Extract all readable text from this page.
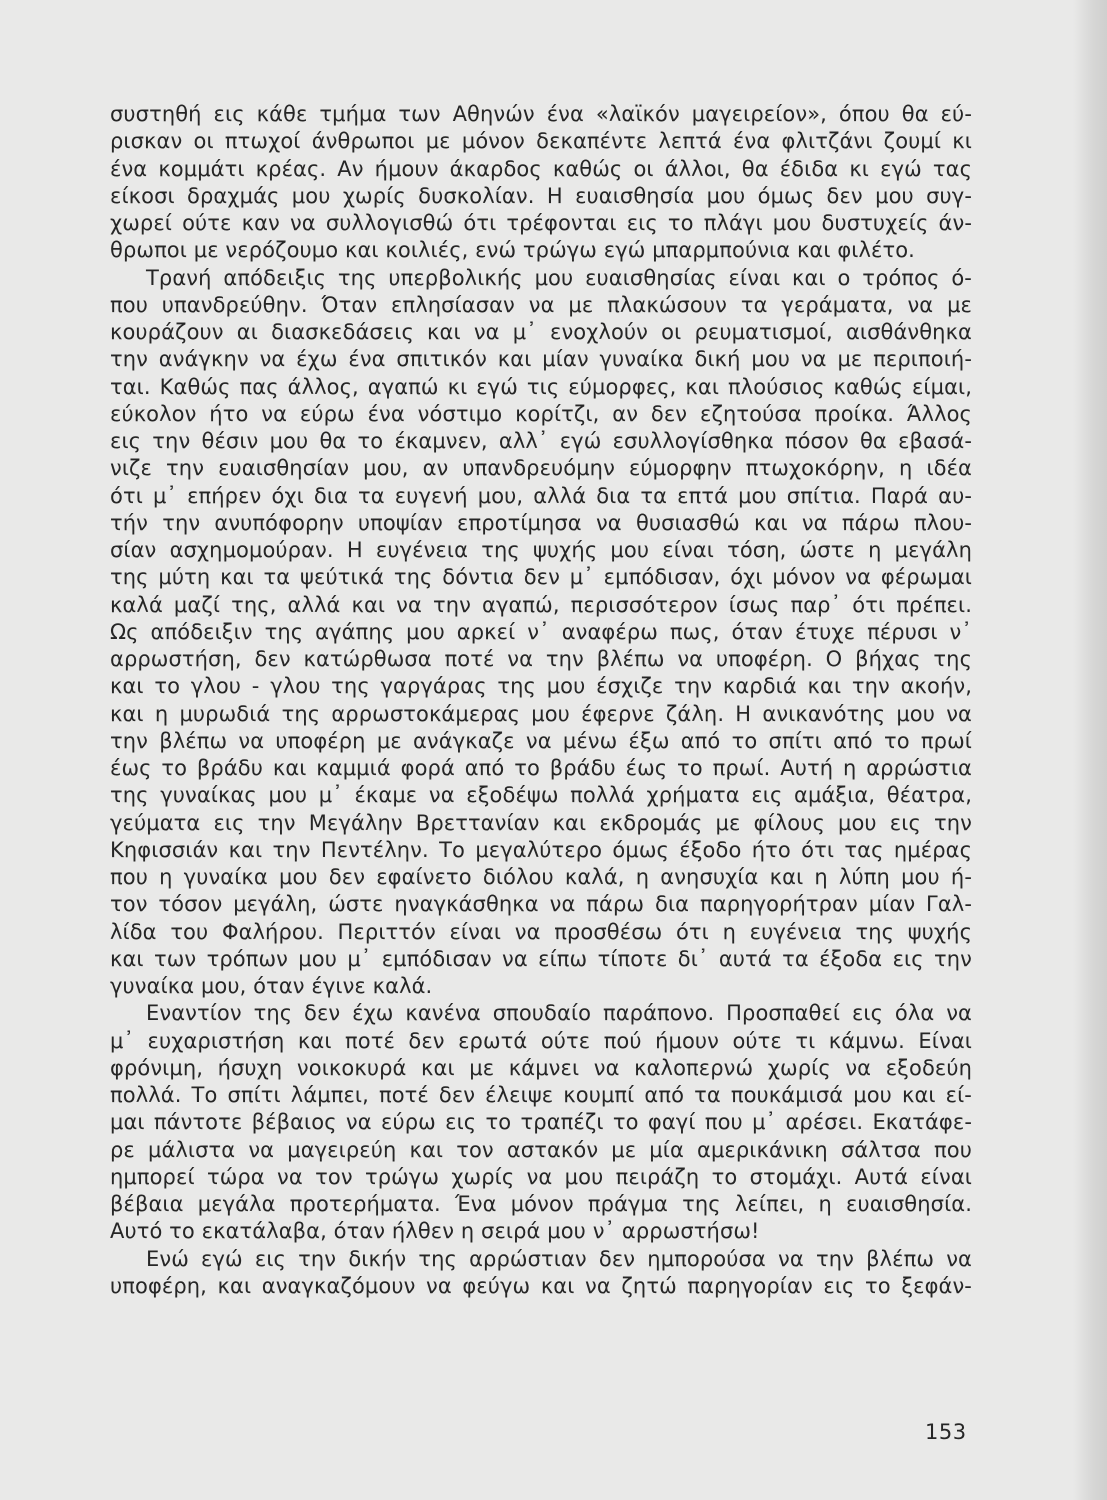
συστηθή εις κάθε τμήμα των Αθηνών ένα «λαϊκόν μαγειρείον», όπου θα εύ-
ρισκαν οι πτωχοί άνθρωποι με μόνον δεκαπέντε λεπτά ένα φλιτζάνι ζουμί κι
ένα κομμάτι κρέας. Αν ήμουν άκαρδος καθώς οι άλλοι, θα έδιδα κι εγώ τας
είκοσι δραχμάς μου χωρίς δυσκολίαν. Η ευαισθησία μου όμως δεν μου συγ-
χωρεί ούτε καν να συλλογισθώ ότι τρέφονται εις το πλάγι μου δυστυχείς άν-
θρωποι με νερόζουμο και κοιλιές, ενώ τρώγω εγώ μπαρμπούνια και φιλέτο.
Τρανή απόδειξις της υπερβολικής μου ευαισθησίας είναι και ο τρόπος ό-
που υπανδρεύθην. Όταν επλησίασαν να με πλακώσουν τα γεράματα, να με
κουράζουν αι διασκεδάσεις και να μ᾽ ενοχλούν οι ρευματισμοί, αισθάνθηκα
την ανάγκην να έχω ένα σπιτικόν και μίαν γυναίκα δική μου να με περιποιή-
ται. Καθώς πας άλλος, αγαπώ κι εγώ τις εύμορφες, και πλούσιος καθώς είμαι,
εύκολον ήτο να εύρω ένα νόστιμο κορίτζι, αν δεν εζητούσα προίκα. Άλλος
εις την θέσιν μου θα το έκαμνεν, αλλ᾽ εγώ εσυλλογίσθηκα πόσον θα εβασά-
νιζε την ευαισθησίαν μου, αν υπανδρευόμην εύμορφην πτωχοκόρην, η ιδέα
ότι μ᾽ επήρεν όχι δια τα ευγενή μου, αλλά δια τα επτά μου σπίτια. Παρά αυ-
τήν την ανυπόφορην υποψίαν επροτίμησα να θυσιασθώ και να πάρω πλου-
σίαν ασχημομούραν. Η ευγένεια της ψυχής μου είναι τόση, ώστε η μεγάλη
της μύτη και τα ψεύτικά της δόντια δεν μ᾽ εμπόδισαν, όχι μόνον να φέρωμαι
καλά μαζί της, αλλά και να την αγαπώ, περισσότερον ίσως παρ᾽ ότι πρέπει.
Ως απόδειξιν της αγάπης μου αρκεί ν᾽ αναφέρω πως, όταν έτυχε πέρυσι ν᾽
αρρωστήση, δεν κατώρθωσα ποτέ να την βλέπω να υποφέρη. Ο βήχας της
και το γλου - γλου της γαργάρας της μου έσχιζε την καρδιά και την ακοήν,
και η μυρωδιά της αρρωστοκάμερας μου έφερνε ζάλη. Η ανικανότης μου να
την βλέπω να υποφέρη με ανάγκαζε να μένω έξω από το σπίτι από το πρωί
έως το βράδυ και καμμιά φορά από το βράδυ έως το πρωί. Αυτή η αρρώστια
της γυναίκας μου μ᾽ έκαμε να εξοδέψω πολλά χρήματα εις αμάξια, θέατρα,
γεύματα εις την Μεγάλην Βρεττανίαν και εκδρομάς με φίλους μου εις την
Κηφισσιάν και την Πεντέλην. Το μεγαλύτερο όμως έξοδο ήτο ότι τας ημέρας
που η γυναίκα μου δεν εφαίνετο διόλου καλά, η ανησυχία και η λύπη μου ή-
τον τόσον μεγάλη, ώστε ηναγκάσθηκα να πάρω δια παρηγορήτραν μίαν Γαλ-
λίδα του Φαλήρου. Περιττόν είναι να προσθέσω ότι η ευγένεια της ψυχής
και των τρόπων μου μ᾽ εμπόδισαν να είπω τίποτε δι᾽ αυτά τα έξοδα εις την
γυναίκα μου, όταν έγινε καλά.
Εναντίον της δεν έχω κανένα σπουδαίο παράπονο. Προσπαθεί εις όλα να
μ᾽ ευχαριστήση και ποτέ δεν ερωτά ούτε πού ήμουν ούτε τι κάμνω. Είναι
φρόνιμη, ήσυχη νοικοκυρά και με κάμνει να καλοπερνώ χωρίς να εξοδεύη
πολλά. Το σπίτι λάμπει, ποτέ δεν έλειψε κουμπί από τα πουκάμισά μου και εί-
μαι πάντοτε βέβαιος να εύρω εις το τραπέζι το φαγί που μ᾽ αρέσει. Εκατάφε-
ρε μάλιστα να μαγειρεύη και τον αστακόν με μία αμερικάνικη σάλτσα που
ημπορεί τώρα να τον τρώγω χωρίς να μου πειράζη το στομάχι. Αυτά είναι
βέβαια μεγάλα προτερήματα. Ένα μόνον πράγμα της λείπει, η ευαισθησία.
Αυτό το εκατάλαβα, όταν ήλθεν η σειρά μου ν᾽ αρρωστήσω!
Ενώ εγώ εις την δικήν της αρρώστιαν δεν ημπορούσα να την βλέπω να
υποφέρη, και αναγκαζόμουν να φεύγω και να ζητώ παρηγορίαν εις το ξεφάν-
153
